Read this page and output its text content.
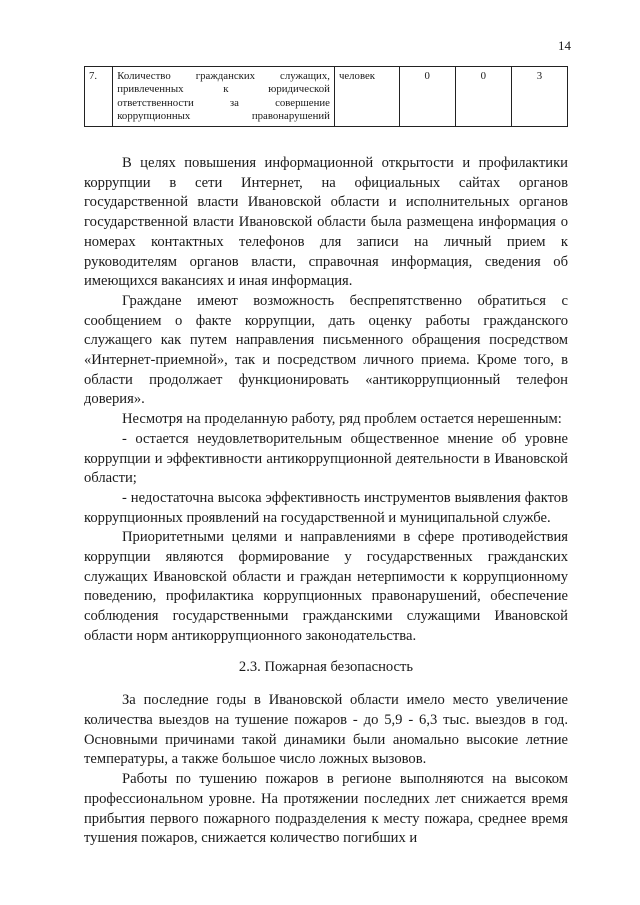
14
7.	Количество гражданских служащих, привлеченных к юридической ответственности за совершение коррупционных правонарушений	человек	0	0	3

В целях повышения информационной открытости и профилактики коррупции в сети Интернет, на официальных сайтах органов государственной власти Ивановской области и исполнительных органов государственной власти Ивановской области была размещена информация о номерах контактных телефонов для записи на личный прием к руководителям органов власти, справочная информация, сведения об имеющихся вакансиях и иная информация.

Граждане имеют возможность беспрепятственно обратиться с сообщением о факте коррупции, дать оценку работы гражданского служащего как путем направления письменного обращения посредством «Интернет-приемной», так и посредством личного приема. Кроме того, в области продолжает функционировать «антикоррупционный телефон доверия».

Несмотря на проделанную работу, ряд проблем остается нерешенным:

- остается неудовлетворительным общественное мнение об уровне коррупции и эффективности антикоррупционной деятельности в Ивановской области;

- недостаточна высока эффективность инструментов выявления фактов коррупционных проявлений на государственной и муниципальной службе.

Приоритетными целями и направлениями в сфере противодействия коррупции являются формирование у государственных гражданских служащих Ивановской области и граждан нетерпимости к коррупционному поведению, профилактика коррупционных правонарушений, обеспечение соблюдения государственными гражданскими служащими Ивановской области норм антикоррупционного законодательства.

2.3. Пожарная безопасность

За последние годы в Ивановской области имело место увеличение количества выездов на тушение пожаров - до 5,9 - 6,3 тыс. выездов в год. Основными причинами такой динамики были аномально высокие летние температуры, а также большое число ложных вызовов.

Работы по тушению пожаров в регионе выполняются на высоком профессиональном уровне. На протяжении последних лет снижается время прибытия первого пожарного подразделения к месту пожара, среднее время тушения пожаров, снижается количество погибших и
